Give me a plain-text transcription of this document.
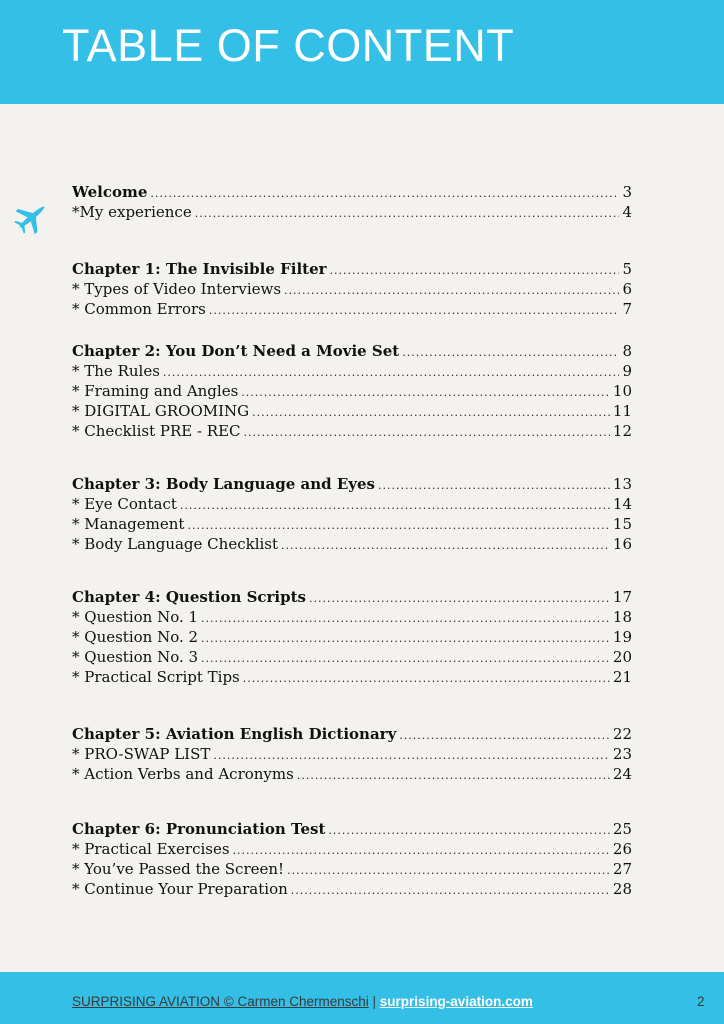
TABLE OF CONTENT
Welcome .....	3
*My experience .....	4
Chapter 1: The Invisible Filter .....	5
* Types of Video Interviews .....	6
* Common Errors .....	7
Chapter 2: You Don’t Need a Movie Set .....	8
* The Rules .....	9
* Framing and Angles .....	10
* DIGITAL GROOMING .....	11
* Checklist PRE - REC .....	12
Chapter 3: Body Language and Eyes .....	13
* Eye Contact .....	14
* Management .....	15
* Body Language Checklist .....	16
Chapter 4: Question Scripts .....	17
* Question No. 1 .....	18
* Question No. 2 .....	19
* Question No. 3 .....	20
* Practical Script Tips .....	21
Chapter 5: Aviation English Dictionary .....	22
* PRO-SWAP LIST .....	23
* Action Verbs and Acronyms .....	24
Chapter 6: Pronunciation Test .....	25
* Practical Exercises .....	26
* You’ve Passed the Screen! .....	27
* Continue Your Preparation .....	28
SURPRISING AVIATION © Carmen Chermenschi | surprising-aviation.com	2
